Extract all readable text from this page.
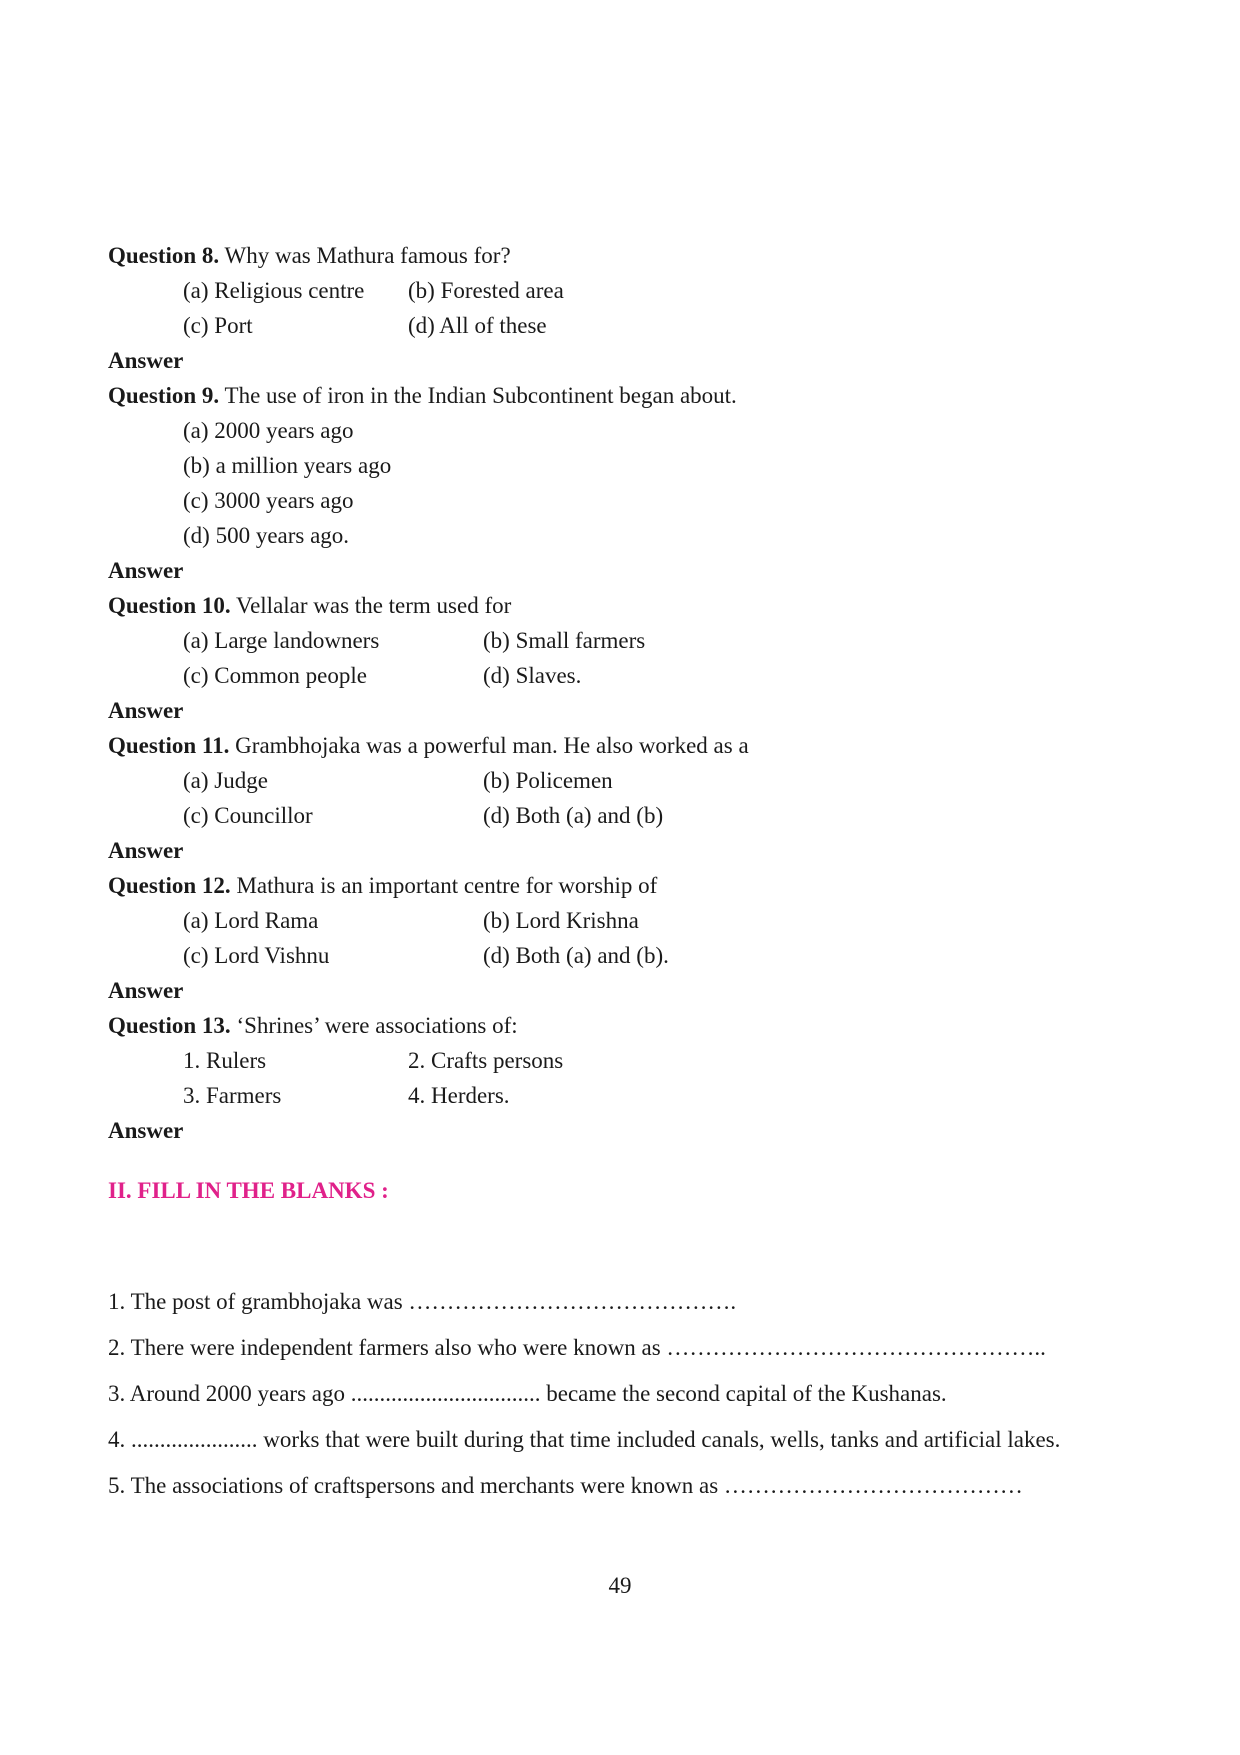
Question 8. Why was Mathura famous for?
(a) Religious centre (b) Forested area
(c) Port	(d) All of these
Answer
Question 9. The use of iron in the Indian Subcontinent began about.
(a) 2000 years ago
(b) a million years ago
(c) 3000 years ago
(d) 500 years ago.
Answer
Question 10. Vellalar was the term used for
(a) Large landowners	(b) Small farmers
(c) Common people	(d) Slaves.
Answer
Question 11. Grambhojaka was a powerful man. He also worked as a
(a) Judge	(b) Policemen
(c) Councillor	(d) Both (a) and (b)
Answer
Question 12. Mathura is an important centre for worship of
(a) Lord Rama	(b) Lord Krishna
(c) Lord Vishnu	(d) Both (a) and (b).
Answer
Question 13. ‘Shrines’ were associations of:
1. Rulers	2. Crafts persons
3. Farmers	4. Herders.
Answer
II. FILL IN THE BLANKS :
1. The post of grambhojaka was …………………………………….
2. There were independent farmers also who were known as …………………………………………..
3. Around 2000 years ago ................................. became the second capital of the Kushanas.
4. ...................... works that were built during that time included canals, wells, tanks and artificial lakes.
5. The associations of craftspersons and merchants were known as …………………………………
49
